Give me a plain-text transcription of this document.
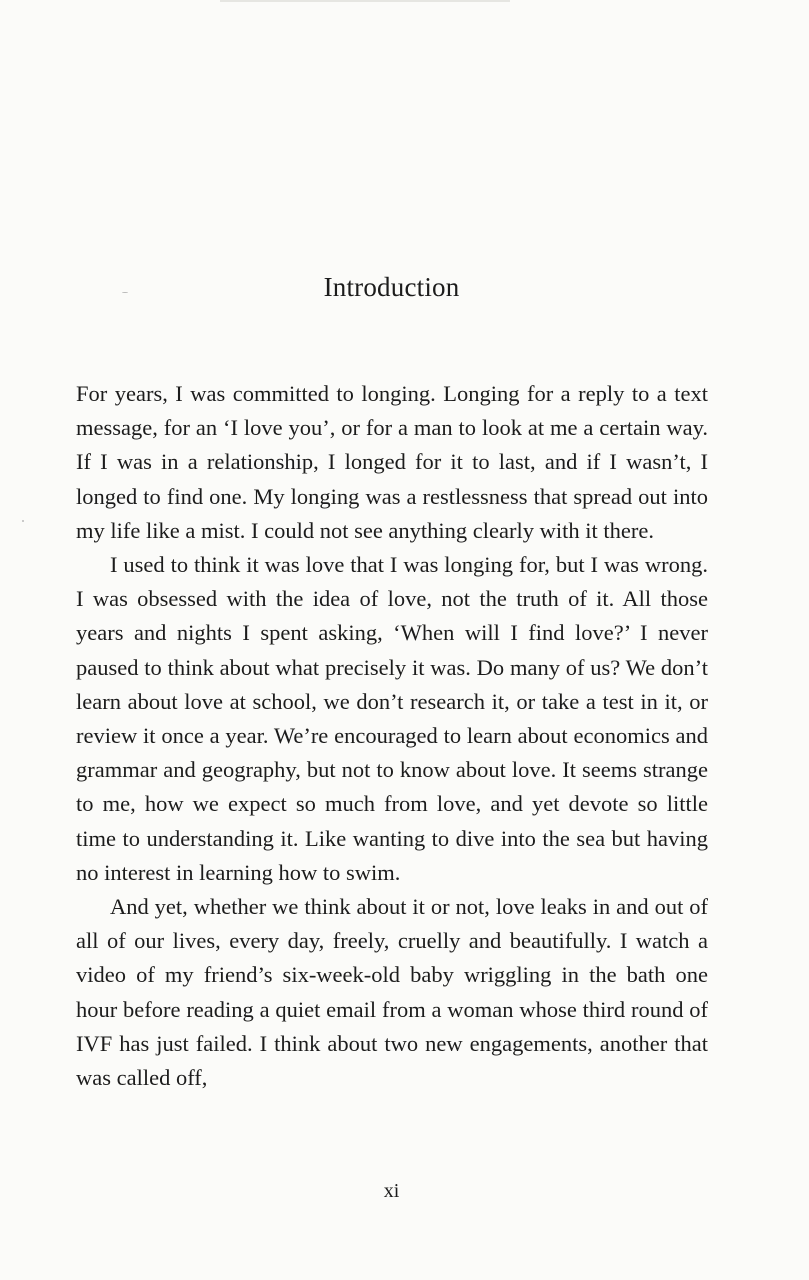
Introduction

For years, I was committed to longing. Longing for a reply to a text message, for an ‘I love you’, or for a man to look at me a certain way. If I was in a relationship, I longed for it to last, and if I wasn’t, I longed to find one. My longing was a restlessness that spread out into my life like a mist. I could not see anything clearly with it there.

I used to think it was love that I was longing for, but I was wrong. I was obsessed with the idea of love, not the truth of it. All those years and nights I spent asking, ‘When will I find love?’ I never paused to think about what precisely it was. Do many of us? We don’t learn about love at school, we don’t research it, or take a test in it, or review it once a year. We’re encouraged to learn about economics and grammar and geography, but not to know about love. It seems strange to me, how we expect so much from love, and yet devote so little time to understanding it. Like wanting to dive into the sea but having no interest in learning how to swim.

And yet, whether we think about it or not, love leaks in and out of all of our lives, every day, freely, cruelly and beautifully. I watch a video of my friend’s six-week-old baby wriggling in the bath one hour before reading a quiet email from a woman whose third round of IVF has just failed. I think about two new engagements, another that was called off,

xi
